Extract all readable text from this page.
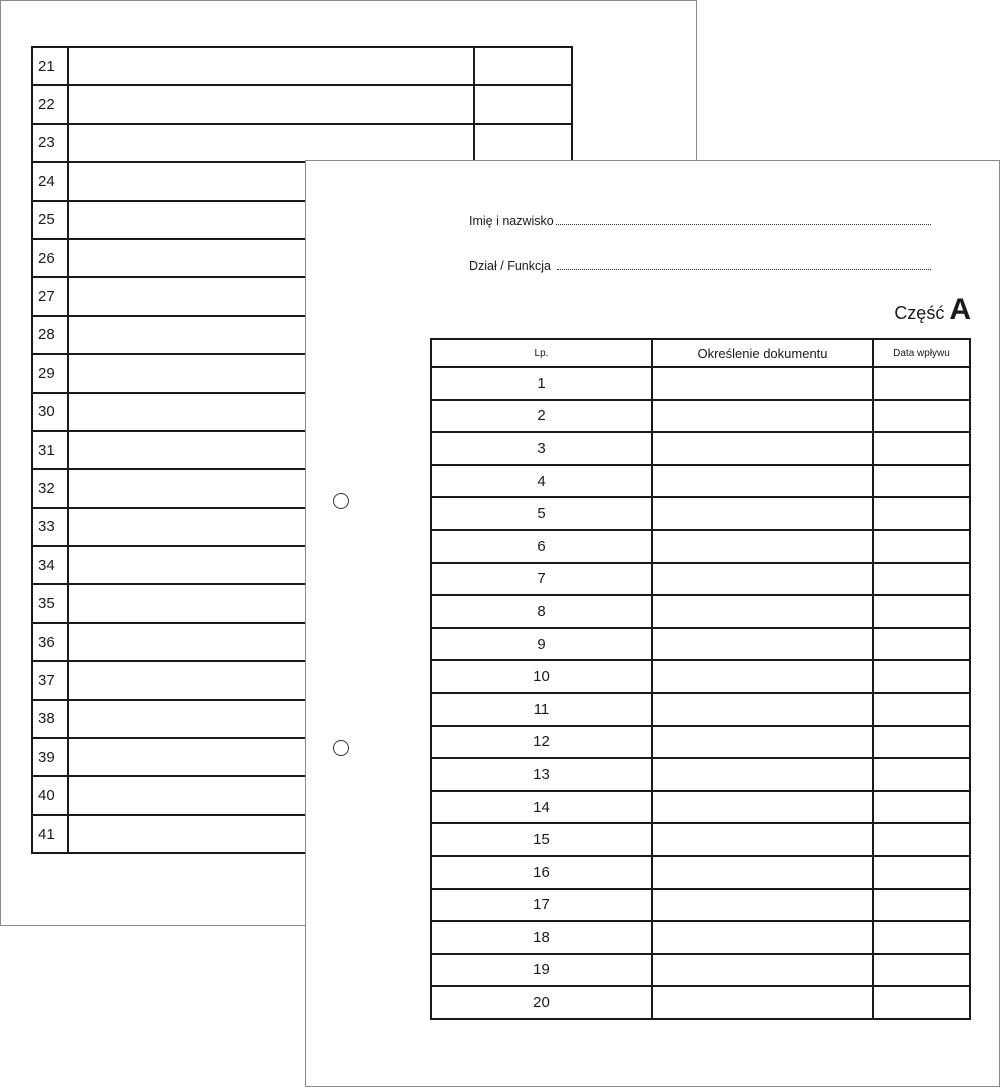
21		
22		
23		
24		
25		
26		
27		
28		
29		
30		
31		
32		
33		
34		
35		
36		
37		
38		
39		
40		
41		
Imię i nazwisko
Dział / Funkcja
Część A
Lp.	Określenie dokumentu	Data wpływu
1		
2		
3		
4		
5		
6		
7		
8		
9		
10		
11		
12		
13		
14		
15		
16		
17		
18		
19		
20		
